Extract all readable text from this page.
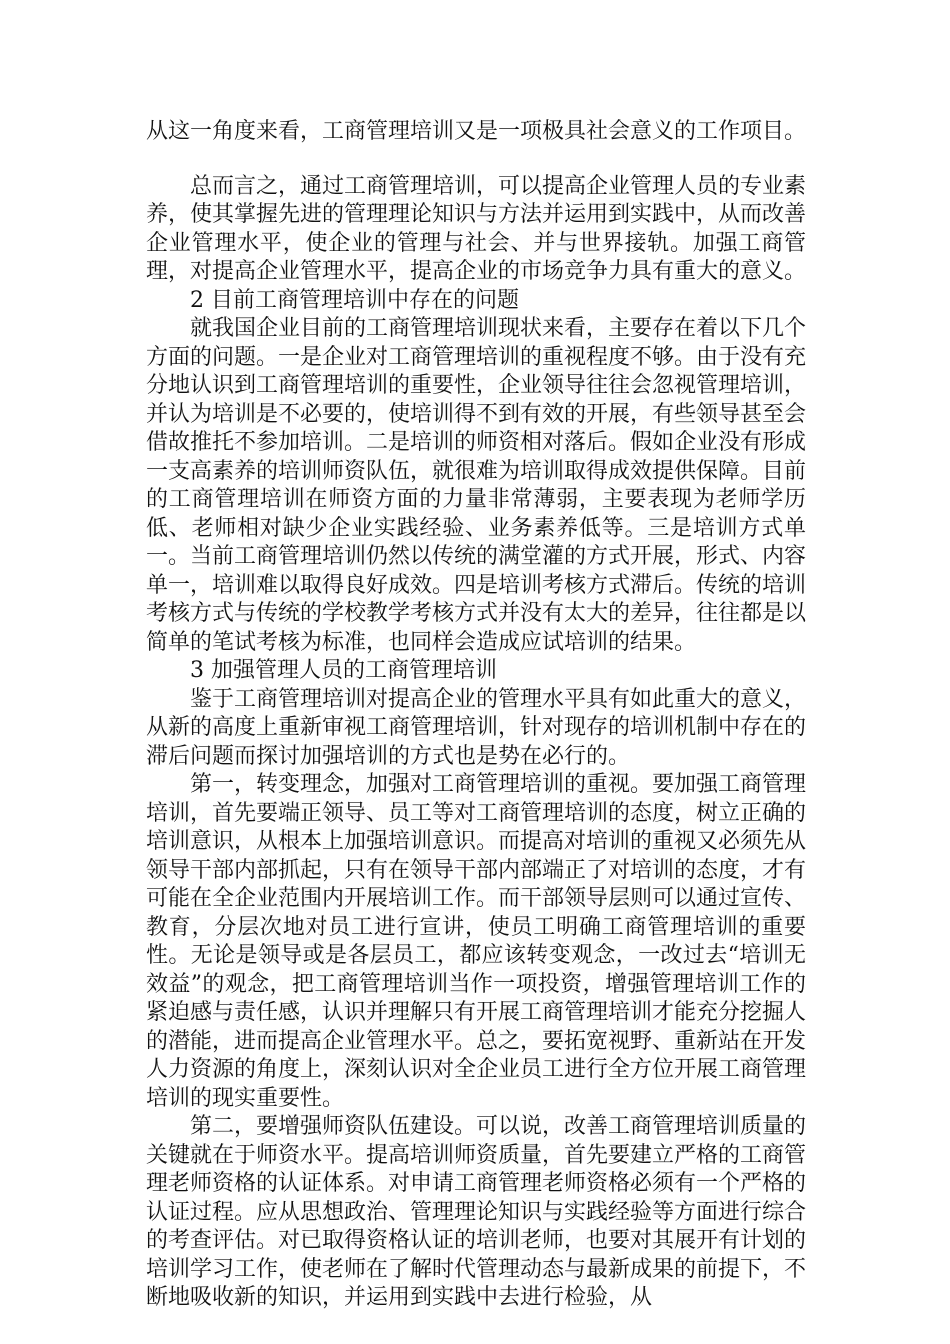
从这一角度来看，工商管理培训又是一项极具社会意义的工作项目。

总而言之，通过工商管理培训，可以提高企业管理人员的专业素养，使其掌握先进的管理理论知识与方法并运用到实践中，从而改善企业管理水平，使企业的管理与社会、并与世界接轨。加强工商管理，对提高企业管理水平，提高企业的市场竞争力具有重大的意义。

2 目前工商管理培训中存在的问题

就我国企业目前的工商管理培训现状来看，主要存在着以下几个方面的问题。一是企业对工商管理培训的重视程度不够。由于没有充分地认识到工商管理培训的重要性，企业领导往往会忽视管理培训，并认为培训是不必要的，使培训得不到有效的开展，有些领导甚至会借故推托不参加培训。二是培训的师资相对落后。假如企业没有形成一支高素养的培训师资队伍，就很难为培训取得成效提供保障。目前的工商管理培训在师资方面的力量非常薄弱，主要表现为老师学历低、老师相对缺少企业实践经验、业务素养低等。三是培训方式单一。当前工商管理培训仍然以传统的满堂灌的方式开展，形式、内容单一，培训难以取得良好成效。四是培训考核方式滞后。传统的培训考核方式与传统的学校教学考核方式并没有太大的差异，往往都是以简单的笔试考核为标准，也同样会造成应试培训的结果。

3 加强管理人员的工商管理培训

鉴于工商管理培训对提高企业的管理水平具有如此重大的意义，从新的高度上重新审视工商管理培训，针对现存的培训机制中存在的滞后问题而探讨加强培训的方式也是势在必行的。

第一，转变理念，加强对工商管理培训的重视。要加强工商管理培训，首先要端正领导、员工等对工商管理培训的态度，树立正确的培训意识，从根本上加强培训意识。而提高对培训的重视又必须先从领导干部内部抓起，只有在领导干部内部端正了对培训的态度，才有可能在全企业范围内开展培训工作。而干部领导层则可以通过宣传、教育，分层次地对员工进行宣讲，使员工明确工商管理培训的重要性。无论是领导或是各层员工，都应该转变观念，一改过去“培训无效益”的观念，把工商管理培训当作一项投资，增强管理培训工作的紧迫感与责任感，认识并理解只有开展工商管理培训才能充分挖掘人的潜能，进而提高企业管理水平。总之，要拓宽视野、重新站在开发人力资源的角度上，深刻认识对全企业员工进行全方位开展工商管理培训的现实重要性。

第二，要增强师资队伍建设。可以说，改善工商管理培训质量的关键就在于师资水平。提高培训师资质量，首先要建立严格的工商管理老师资格的认证体系。对申请工商管理老师资格必须有一个严格的认证过程。应从思想政治、管理理论知识与实践经验等方面进行综合的考查评估。对已取得资格认证的培训老师，也要对其展开有计划的培训学习工作，使老师在了解时代管理动态与最新成果的前提下，不断地吸收新的知识，并运用到实践中去进行检验，从
